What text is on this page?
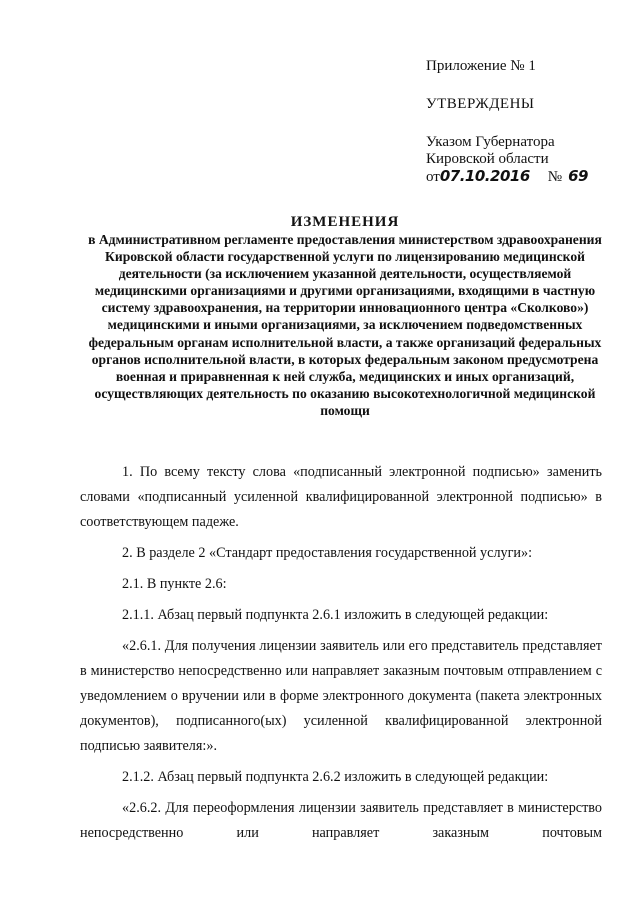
Приложение № 1

УТВЕРЖДЕНЫ

Указом Губернатора

Кировской области

от 07.10.2016 № 69

ИЗМЕНЕНИЯ

в Административном регламенте предоставления министерством здравоохранения Кировской области государственной услуги по лицензированию медицинской деятельности (за исключением указанной деятельности, осуществляемой медицинскими организациями и другими организациями, входящими в частную систему здравоохранения, на территории инновационного центра «Сколково») медицинскими и иными организациями, за исключением подведомственных федеральным органам исполнительной власти, а также организаций федеральных органов исполнительной власти, в которых федеральным законом предусмотрена военная и приравненная к ней служба, медицинских и иных организаций, осуществляющих деятельность по оказанию высокотехнологичной медицинской помощи

1. По всему тексту слова «подписанный электронной подписью» заменить словами «подписанный усиленной квалифицированной электронной подписью» в соответствующем падеже.

2. В разделе 2 «Стандарт предоставления государственной услуги»:

2.1. В пункте 2.6:

2.1.1. Абзац первый подпункта 2.6.1 изложить в следующей редакции:

«2.6.1. Для получения лицензии заявитель или его представитель представляет в министерство непосредственно или направляет заказным почтовым отправлением с уведомлением о вручении или в форме электронного документа (пакета электронных документов), подписанного(ых) усиленной квалифицированной электронной подписью заявителя:».

2.1.2. Абзац первый подпункта 2.6.2 изложить в следующей редакции:

«2.6.2. Для переоформления лицензии заявитель представляет в министерство непосредственно или направляет заказным почтовым
